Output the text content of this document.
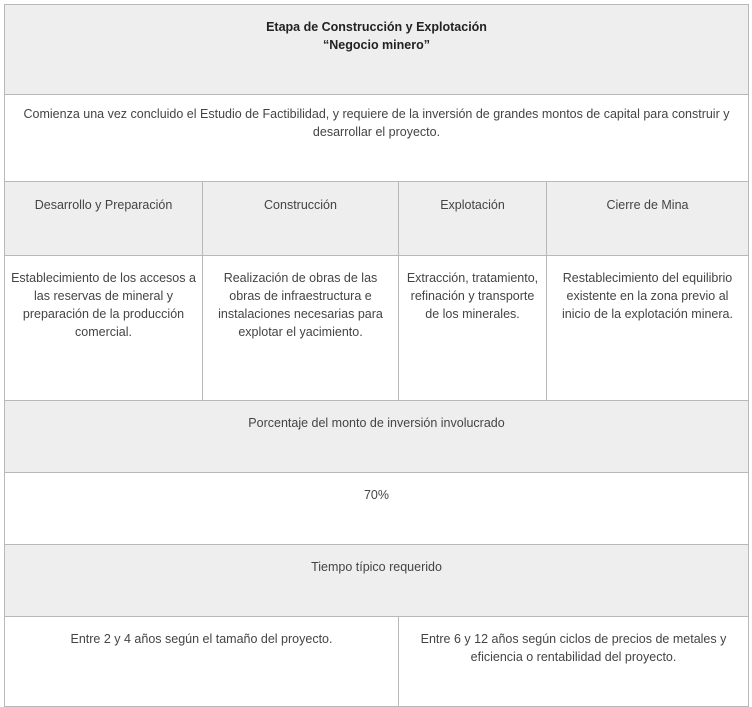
Etapa de Construcción y Explotación
“Negocio minero”			

Comienza una vez concluido el Estudio de Factibilidad, y requiere de la inversión de grandes montos de capital para construir y desarrollar el proyecto.			
Desarrollo y Preparación	Construcción	Explotación	Cierre de Mina
Establecimiento de los accesos a las reservas de mineral y preparación de la producción comercial.	Realización de obras de las obras de infraestructura e instalaciones necesarias para explotar el yacimiento.	Extracción, tratamiento, refinación y transporte de los minerales.	Restablecimiento del equilibrio existente en la zona previo al inicio de la explotación minera.
Porcentaje del monto de inversión involucrado			
70%			
Tiempo típico requerido			
Entre 2 y 4 años según el tamaño del proyecto.		Entre 6 y 12 años según ciclos de precios de metales y eficiencia o rentabilidad del proyecto.	
